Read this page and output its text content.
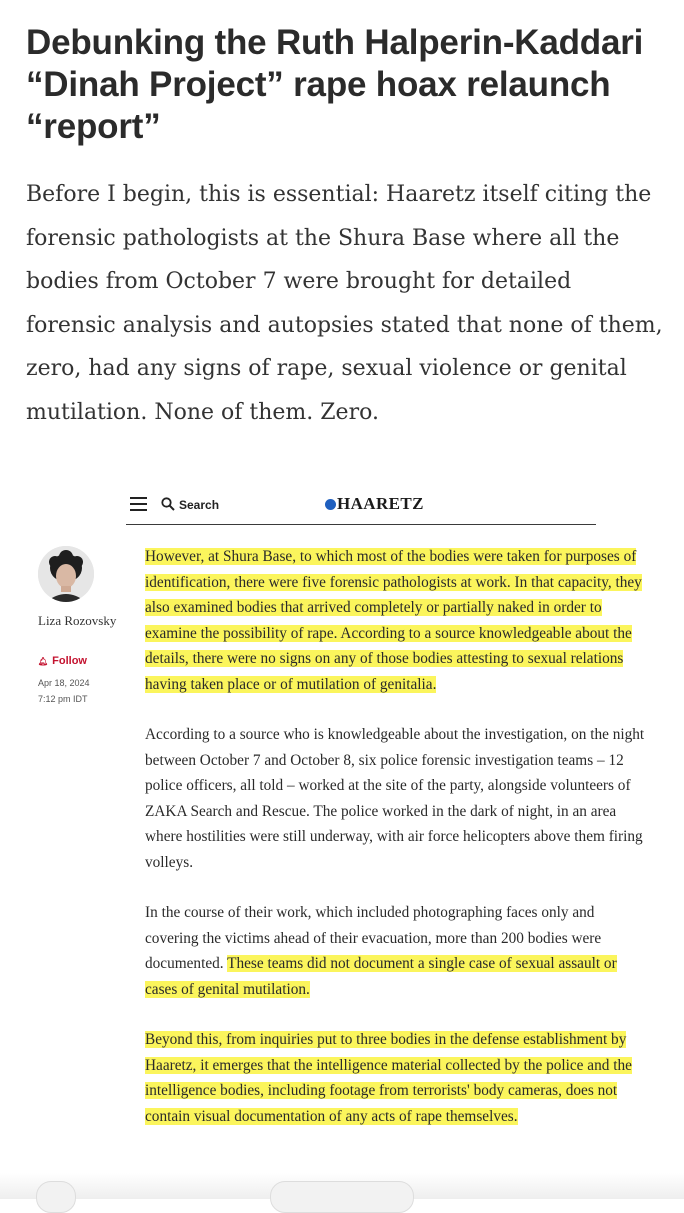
Debunking the Ruth Halperin-Kaddari “Dinah Project” rape hoax relaunch “report”

Before I begin, this is essential: Haaretz itself citing the forensic pathologists at the Shura Base where all the bodies from October 7 were brought for detailed forensic analysis and autopsies stated that none of them, zero, had any signs of rape, sexual violence or genital mutilation. None of them. Zero.

Search	HAARETZ
Liza Rozovsky
🔔︎ Follow
Apr 18, 2024 7:12 pm IDT

However, at Shura Base, to which most of the bodies were taken for purposes of identification, there were five forensic pathologists at work. In that capacity, they also examined bodies that arrived completely or partially naked in order to examine the possibility of rape. According to a source knowledgeable about the details, there were no signs on any of those bodies attesting to sexual relations having taken place or of mutilation of genitalia.

According to a source who is knowledgeable about the investigation, on the night between October 7 and October 8, six police forensic investigation teams – 12 police officers, all told – worked at the site of the party, alongside volunteers of ZAKA Search and Rescue. The police worked in the dark of night, in an area where hostilities were still underway, with air force helicopters above them firing volleys.

In the course of their work, which included photographing faces only and covering the victims ahead of their evacuation, more than 200 bodies were documented. These teams did not document a single case of sexual assault or cases of genital mutilation.

Beyond this, from inquiries put to three bodies in the defense establishment by Haaretz, it emerges that the intelligence material collected by the police and the intelligence bodies, including footage from terrorists' body cameras, does not contain visual documentation of any acts of rape themselves.
